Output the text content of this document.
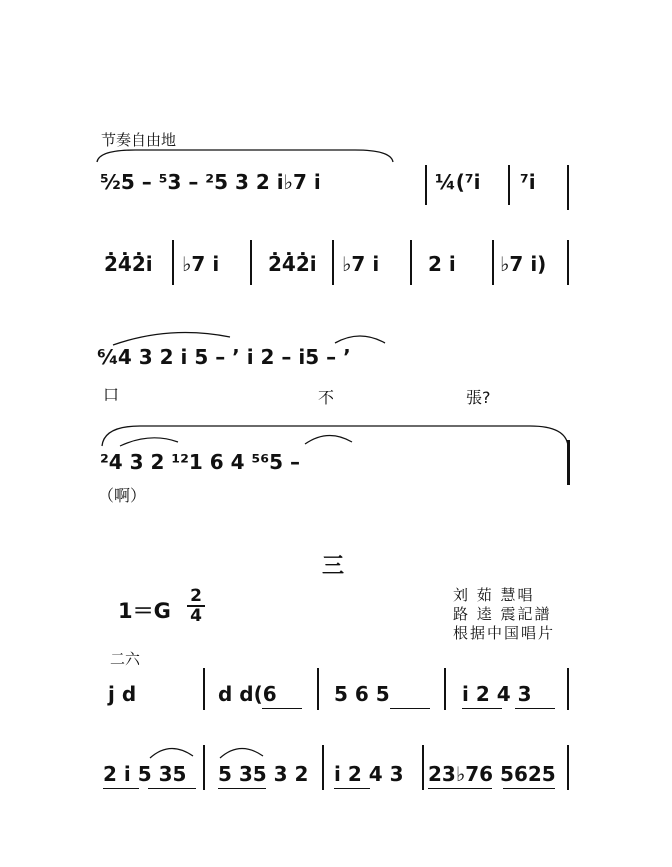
节奏自由地
⁵⁄₂5 – ⁵3 – ²5 3 2 i♭7 i	¼(⁷i ⁷i
2̇4̇2̇i ♭7 i 2̇4̇2̇i ♭7 i 2 i ♭7 i)
⁶⁄₄4 3 2 i 5 – ’ i 2 – i5 – ’
口	不	張?
²4 3 2 ¹²1 6 4 ⁵⁶5 –
（啊）
三
$1=G \frac{2}{4}$	刘 茹 慧唱
路 逵 震記譜
根据中国唱片
二六
j d	d d(6	5 6 5	i 2 4 3
2 i 5 35 5 35 3 2 i 2 4 3 23♭76 5625
